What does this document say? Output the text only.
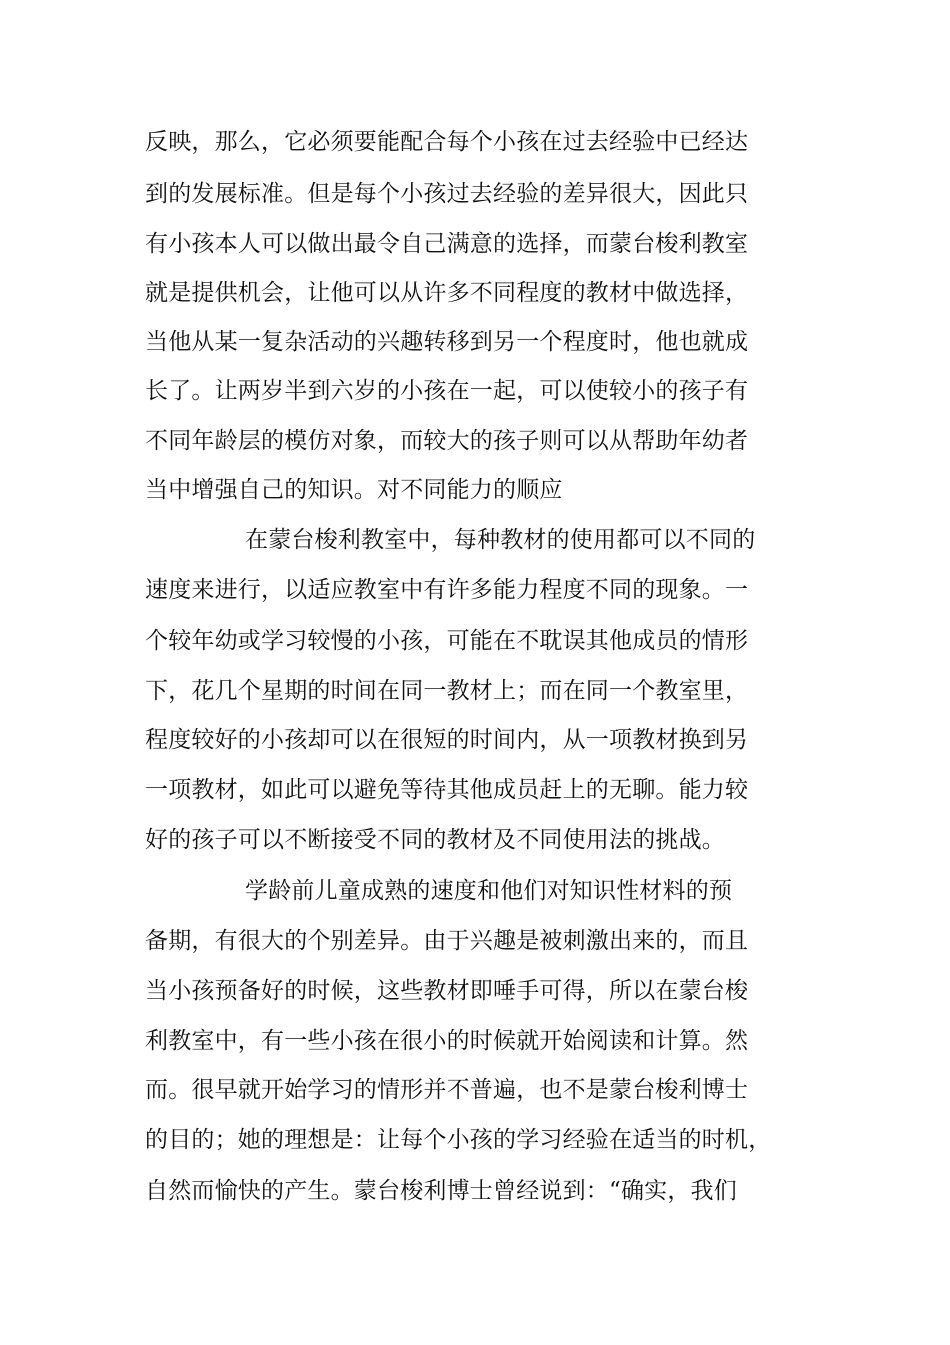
反映，那么，它必须要能配合每个小孩在过去经验中已经达
到的发展标准。但是每个小孩过去经验的差异很大，因此只
有小孩本人可以做出最令自己满意的选择，而蒙台梭利教室
就是提供机会，让他可以从许多不同程度的教材中做选择，
当他从某一复杂活动的兴趣转移到另一个程度时，他也就成
长了。让两岁半到六岁的小孩在一起，可以使较小的孩子有
不同年龄层的模仿对象，而较大的孩子则可以从帮助年幼者
当中增强自己的知识。对不同能力的顺应
在蒙台梭利教室中，每种教材的使用都可以不同的
速度来进行，以适应教室中有许多能力程度不同的现象。一
个较年幼或学习较慢的小孩，可能在不耽误其他成员的情形
下，花几个星期的时间在同一教材上；而在同一个教室里，
程度较好的小孩却可以在很短的时间内，从一项教材换到另
一项教材，如此可以避免等待其他成员赶上的无聊。能力较
好的孩子可以不断接受不同的教材及不同使用法的挑战。
学龄前儿童成熟的速度和他们对知识性材料的预
备期，有很大的个别差异。由于兴趣是被刺激出来的，而且
当小孩预备好的时候，这些教材即唾手可得，所以在蒙台梭
利教室中，有一些小孩在很小的时候就开始阅读和计算。然
而。很早就开始学习的情形并不普遍，也不是蒙台梭利博士
的目的；她的理想是：让每个小孩的学习经验在适当的时机，
自然而愉快的产生。蒙台梭利博士曾经说到：“确实，我们
